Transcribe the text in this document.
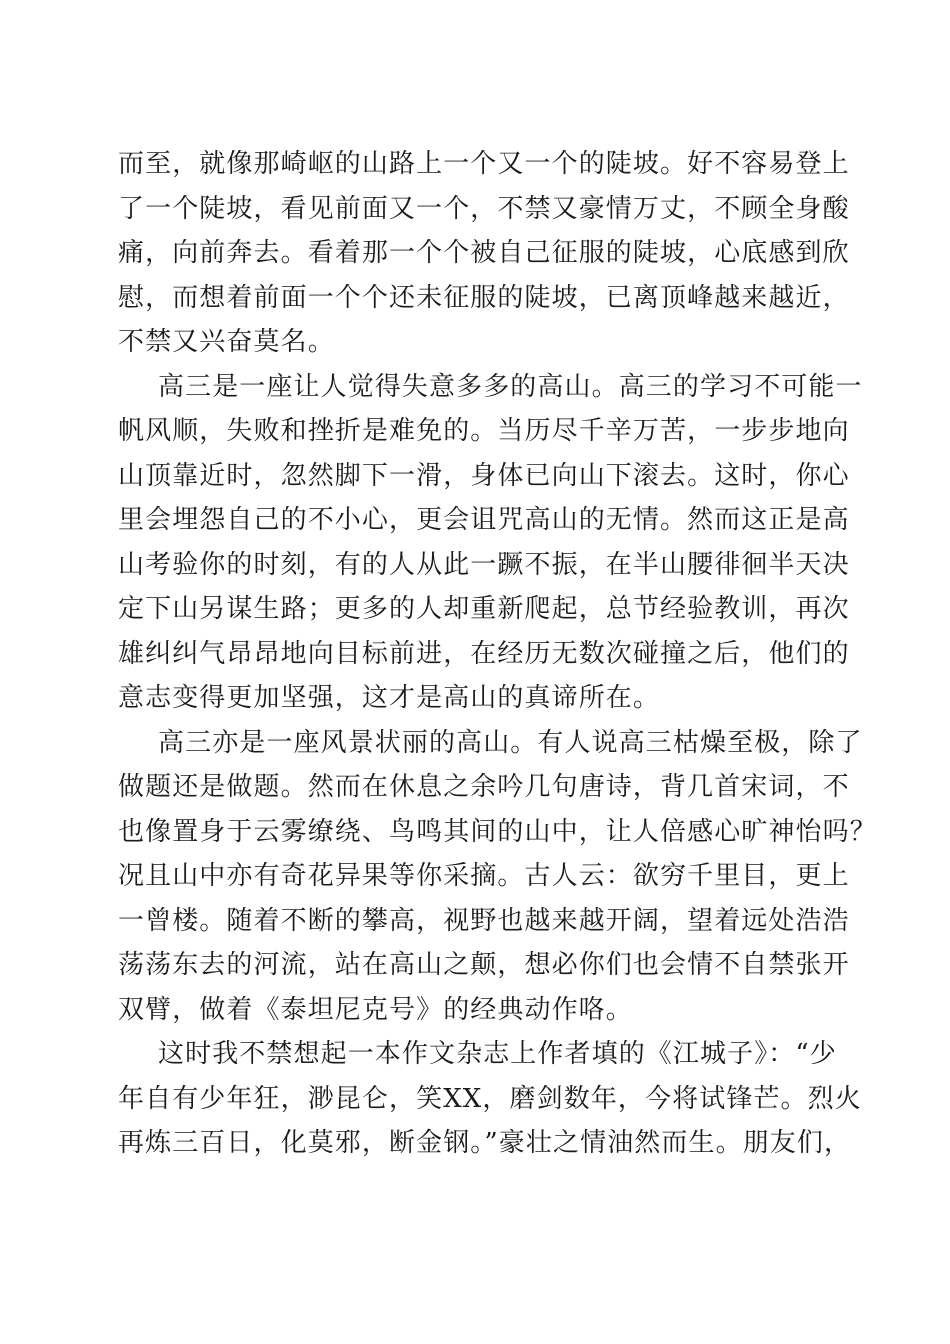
而至，就像那崎岖的山路上一个又一个的陡坡。好不容易登上
了一个陡坡，看见前面又一个，不禁又豪情万丈，不顾全身酸
痛，向前奔去。看着那一个个被自己征服的陡坡，心底感到欣
慰，而想着前面一个个还未征服的陡坡，已离顶峰越来越近，
不禁又兴奋莫名。
高三是一座让人觉得失意多多的高山。高三的学习不可能一
帆风顺，失败和挫折是难免的。当历尽千辛万苦，一步步地向
山顶靠近时，忽然脚下一滑，身体已向山下滚去。这时，你心
里会埋怨自己的不小心，更会诅咒高山的无情。然而这正是高
山考验你的时刻，有的人从此一蹶不振，在半山腰徘徊半天决
定下山另谋生路；更多的人却重新爬起，总节经验教训，再次
雄纠纠气昂昂地向目标前进，在经历无数次碰撞之后，他们的
意志变得更加坚强，这才是高山的真谛所在。
高三亦是一座风景状丽的高山。有人说高三枯燥至极，除了
做题还是做题。然而在休息之余吟几句唐诗，背几首宋词，不
也像置身于云雾缭绕、鸟鸣其间的山中，让人倍感心旷神怡吗？
况且山中亦有奇花异果等你采摘。古人云：欲穷千里目，更上
一曾楼。随着不断的攀高，视野也越来越开阔，望着远处浩浩
荡荡东去的河流，站在高山之颠，想必你们也会情不自禁张开
双臂，做着《泰坦尼克号》的经典动作咯。
这时我不禁想起一本作文杂志上作者填的《江城子》：“少
年自有少年狂，渺昆仑，笑XX，磨剑数年，今将试锋芒。烈火
再炼三百日，化莫邪，断金钢。”豪壮之情油然而生。朋友们，
